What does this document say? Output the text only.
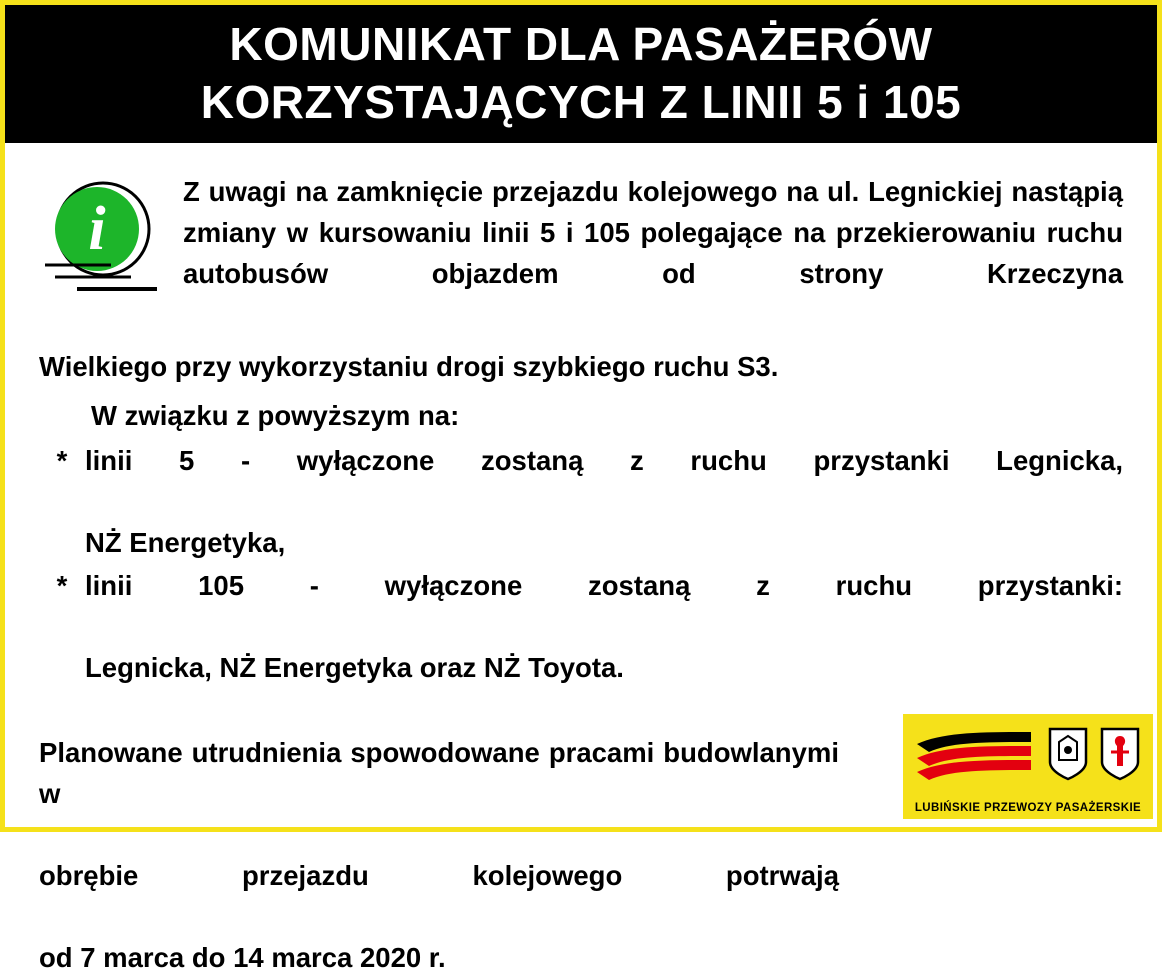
KOMUNIKAT DLA PASAŻERÓW
KORZYSTAJĄCYCH Z LINII 5 i 105
i
Z uwagi na zamknięcie przejazdu kolejowego na ul. Legnickiej nastąpią zmiany w kursowaniu linii 5 i 105 polegające na przekierowaniu ruchu autobusów objazdem od strony Krzeczyna
Wielkiego przy wykorzystaniu drogi szybkiego ruchu S3.
W związku z powyższym na:
* linii 5 - wyłączone zostaną z ruchu przystanki Legnicka,
NŻ Energetyka,
* linii 105 - wyłączone zostaną z ruchu przystanki:
Legnicka, NŻ Energetyka oraz NŻ Toyota.
Planowane utrudnienia spowodowane pracami budowlanymi w
obrębie przejazdu kolejowego potrwają
od 7 marca do 14 marca 2020 r.
LUBIŃSKIE PRZEWOZY PASAŻERSKIE
